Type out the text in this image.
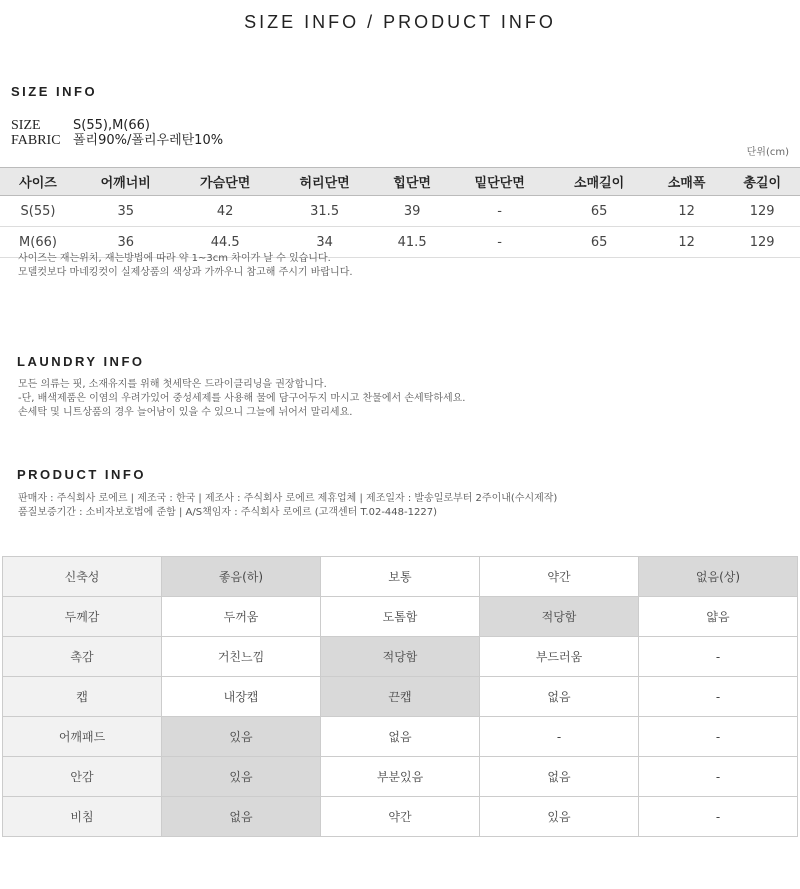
SIZE INFO / PRODUCT INFO
SIZE INFO
SIZE S(55),M(66)
FABRIC 폴리90%/폴리우레탄10%
단위(cm)
사이즈	어깨너비	가슴단면	허리단면	힙단면	밑단단면	소매길이	소매폭	총길이
S(55)	35	42	31.5	39	-	65	12	129
M(66)	36	44.5	34	41.5	-	65	12	129
사이즈는 재는위치, 재는방법에 따라 약 1~3cm 차이가 날 수 있습니다.
모델컷보다 마네킹컷이 실제상품의 색상과 가까우니 참고해 주시기 바랍니다.
LAUNDRY INFO
모든 의류는 핏, 소재유지를 위해 첫세탁은 드라이클리닝을 권장합니다.
-단, 배색제품은 이염의 우려가있어 중성세제를 사용해 물에 담구어두지 마시고 찬물에서 손세탁하세요.
손세탁 및 니트상품의 경우 늘어남이 있을 수 있으니 그늘에 뉘어서 말리세요.
PRODUCT INFO
판매자 : 주식회사 로에르 | 제조국 : 한국 | 제조사 : 주식회사 로에르 제휴업체 | 제조일자 : 발송일로부터 2주이내(수시제작)
품질보증기간 : 소비자보호법에 준함 | A/S책임자 : 주식회사 로에르 (고객센터 T.02-448-1227)
신축성	좋음(하)	보통	약간	없음(상)
두께감	두꺼움	도톰함	적당함	얇음
촉감	거친느낌	적당함	부드러움	-
캡	내장캡	끈캡	없음	-
어깨패드	있음	없음	-	-
안감	있음	부분있음	없음	-
비침	없음	약간	있음	-
